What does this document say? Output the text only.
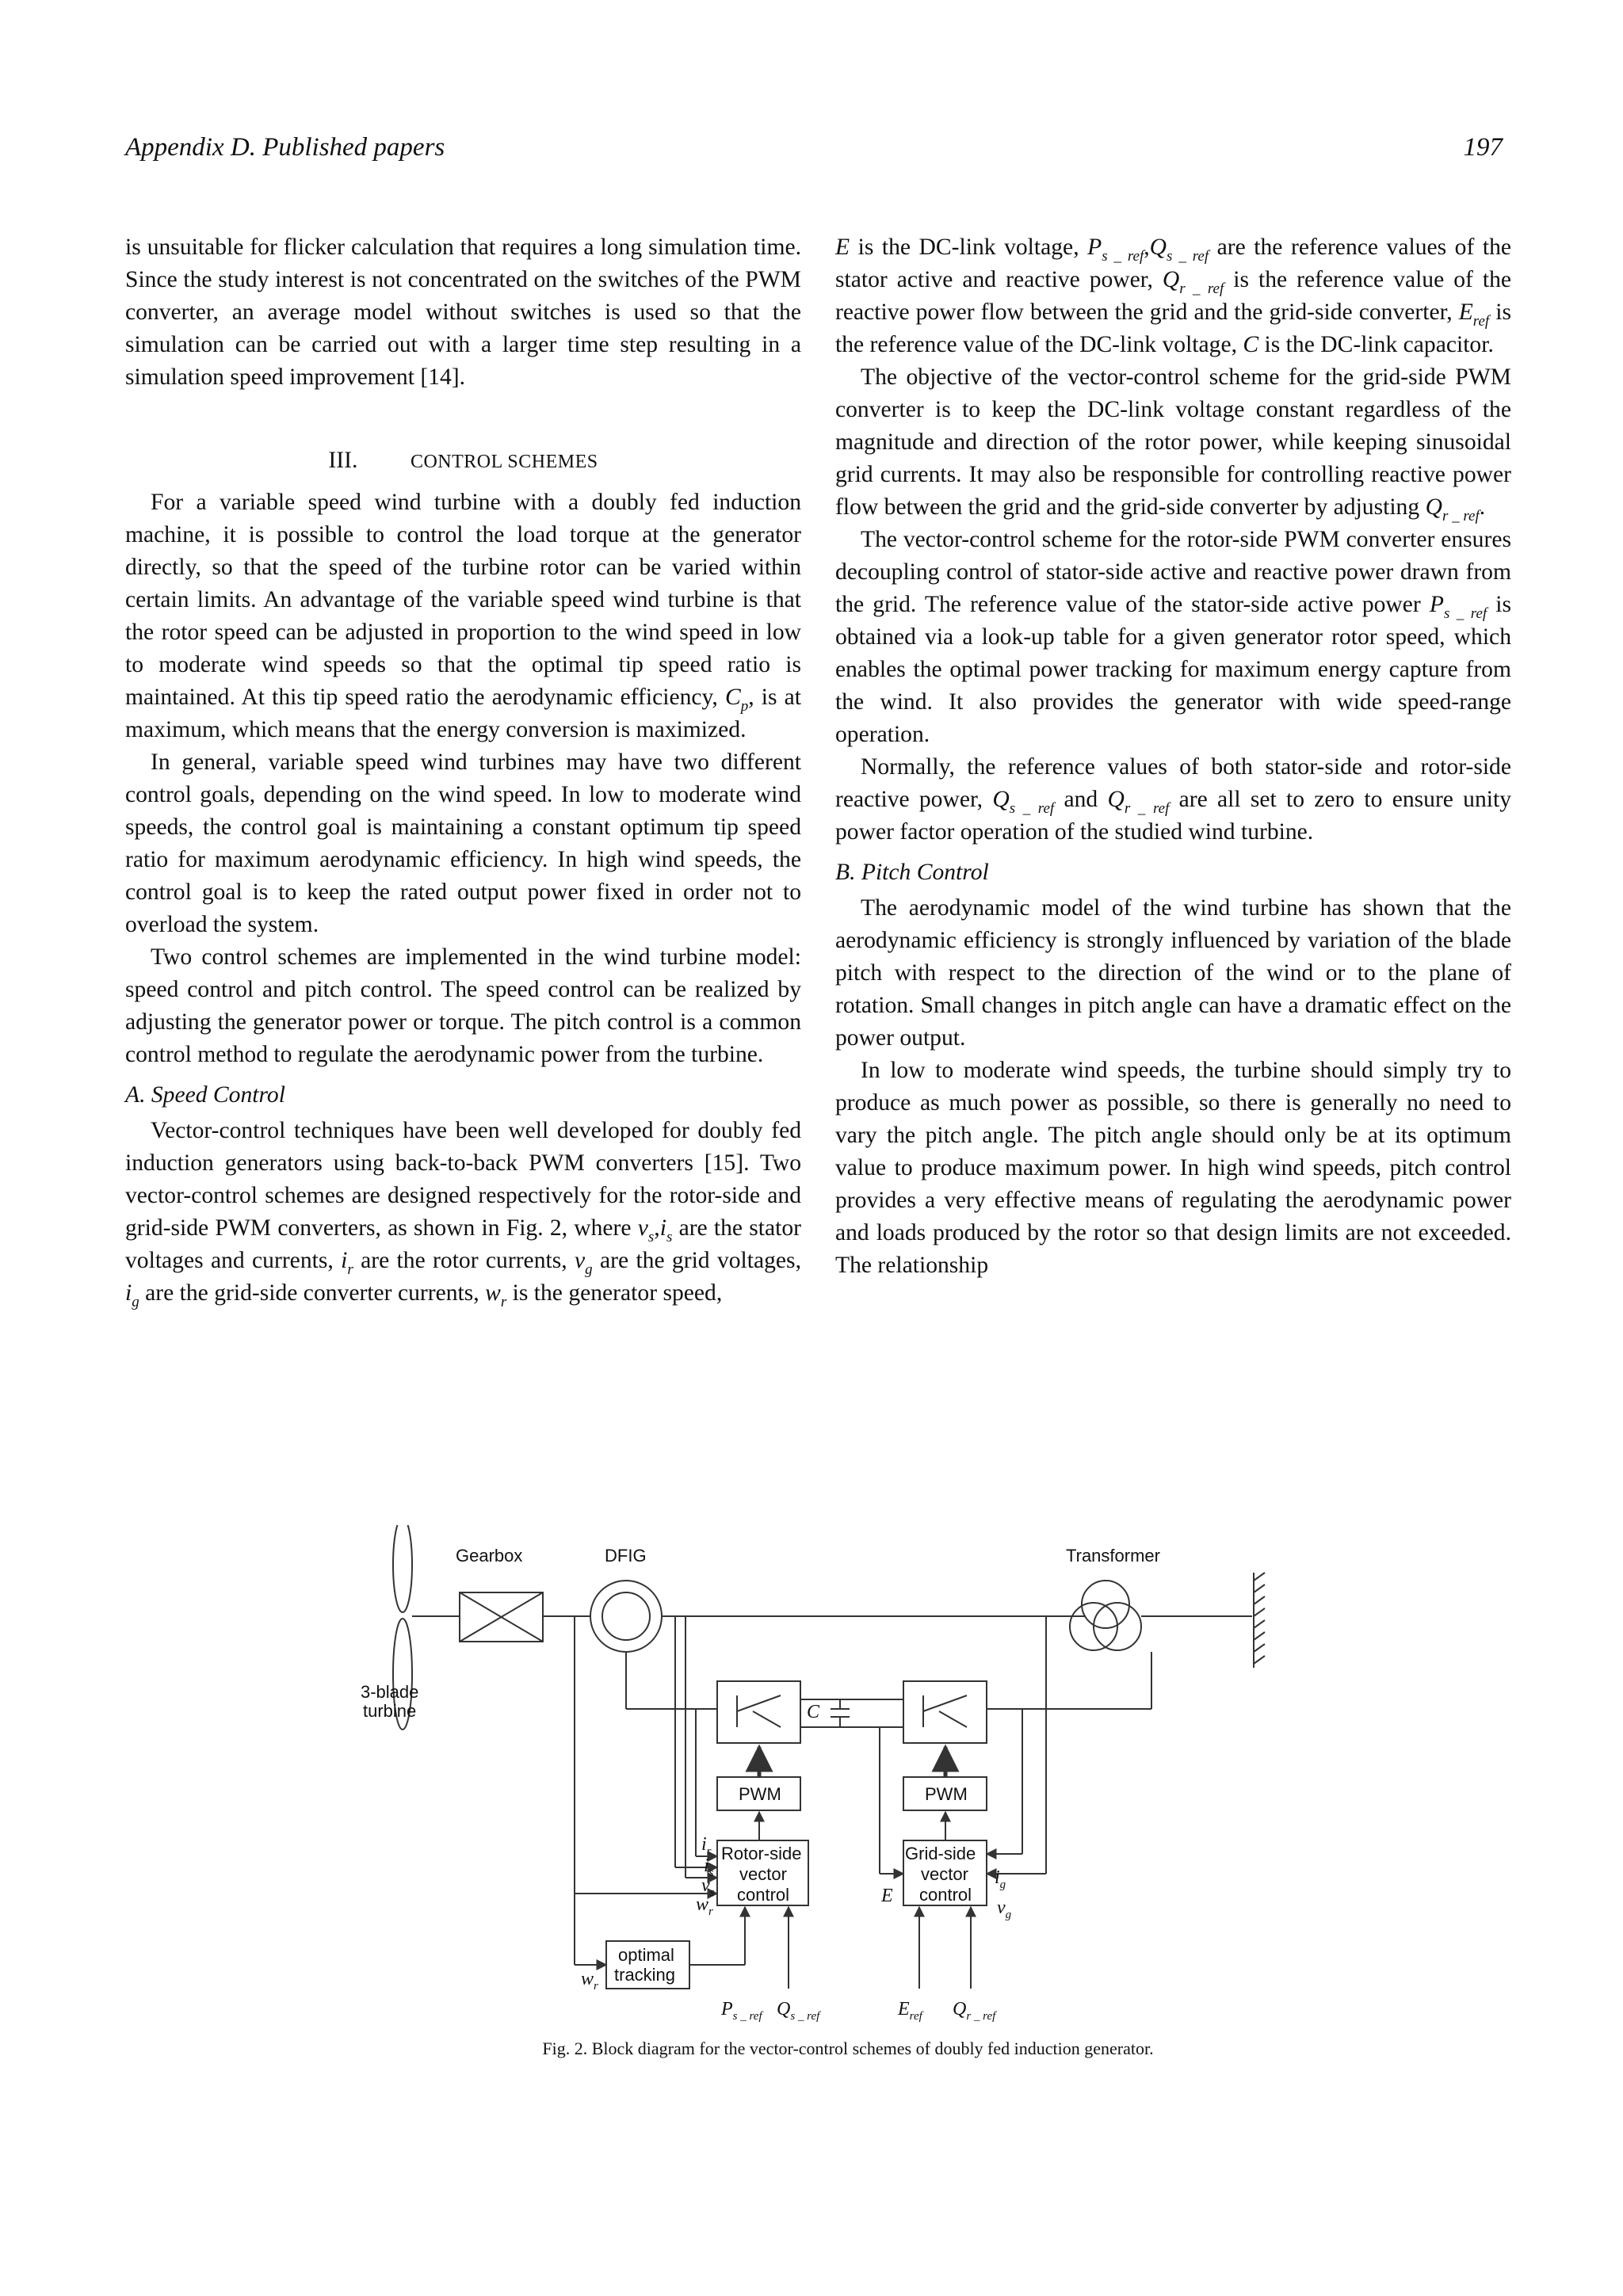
Appendix D. Published papers	197

is unsuitable for flicker calculation that requires a long simulation time. Since the study interest is not concentrated on the switches of the PWM converter, an average model without switches is used so that the simulation can be carried out with a larger time step resulting in a simulation speed improvement [14].

III.	CONTROL SCHEMES

For a variable speed wind turbine with a doubly fed induction machine, it is possible to control the load torque at the generator directly, so that the speed of the turbine rotor can be varied within certain limits. An advantage of the variable speed wind turbine is that the rotor speed can be adjusted in proportion to the wind speed in low to moderate wind speeds so that the optimal tip speed ratio is maintained. At this tip speed ratio the aerodynamic efficiency, $C_p$, is at maximum, which means that the energy conversion is maximized.

In general, variable speed wind turbines may have two different control goals, depending on the wind speed. In low to moderate wind speeds, the control goal is maintaining a constant optimum tip speed ratio for maximum aerodynamic efficiency. In high wind speeds, the control goal is to keep the rated output power fixed in order not to overload the system.

Two control schemes are implemented in the wind turbine model: speed control and pitch control. The speed control can be realized by adjusting the generator power or torque. The pitch control is a common control method to regulate the aerodynamic power from the turbine.

A. Speed Control

Vector-control techniques have been well developed for doubly fed induction generators using back-to-back PWM converters [15]. Two vector-control schemes are designed respectively for the rotor-side and grid-side PWM converters, as shown in Fig. 2, where $v_s,i_s$ are the stator voltages and currents, $i_r$ are the rotor currents, $v_g$ are the grid voltages, $i_g$ are the grid-side converter currents, $w_r$ is the generator speed,

E is the DC-link voltage, $P_{s \_ ref},Q_{s \_ ref}$ are the reference values of the stator active and reactive power, $Q_{r \_ ref}$ is the reference value of the reactive power flow between the grid and the grid-side converter, $E_{ref}$ is the reference value of the DC-link voltage, C is the DC-link capacitor.

The objective of the vector-control scheme for the grid-side PWM converter is to keep the DC-link voltage constant regardless of the magnitude and direction of the rotor power, while keeping sinusoidal grid currents. It may also be responsible for controlling reactive power flow between the grid and the grid-side converter by adjusting $Q_{r \_ ref}$.

The vector-control scheme for the rotor-side PWM converter ensures decoupling control of stator-side active and reactive power drawn from the grid. The reference value of the stator-side active power $P_{s \_ ref}$ is obtained via a look-up table for a given generator rotor speed, which enables the optimal power tracking for maximum energy capture from the wind. It also provides the generator with wide speed-range operation.

Normally, the reference values of both stator-side and rotor-side reactive power, $Q_{s \_ ref}$ and $Q_{r \_ ref}$ are all set to zero to ensure unity power factor operation of the studied wind turbine.

B. Pitch Control

The aerodynamic model of the wind turbine has shown that the aerodynamic efficiency is strongly influenced by variation of the blade pitch with respect to the direction of the wind or to the plane of rotation. Small changes in pitch angle can have a dramatic effect on the power output.

In low to moderate wind speeds, the turbine should simply try to produce as much power as possible, so there is generally no need to vary the pitch angle. The pitch angle should only be at its optimum value to produce maximum power. In high wind speeds, pitch control provides a very effective means of regulating the aerodynamic power and loads produced by the rotor so that design limits are not exceeded. The relationship

Gearbox	DFIG	Transformer
3-blade
turbine	C
PWM	PWM
Rotor-side
vector
control
Grid-side
vector
control
optimal
tracking
$i_r$
$i_s$
$v_s$
$w_r$
$w_r$
$i_g$
$v_g$
E
$P_{s \_ ref}$ $Q_{s \_ ref}$	$E_{ref}$ $Q_{r \_ ref}$
Fig. 2. Block diagram for the vector-control schemes of doubly fed induction generator.
